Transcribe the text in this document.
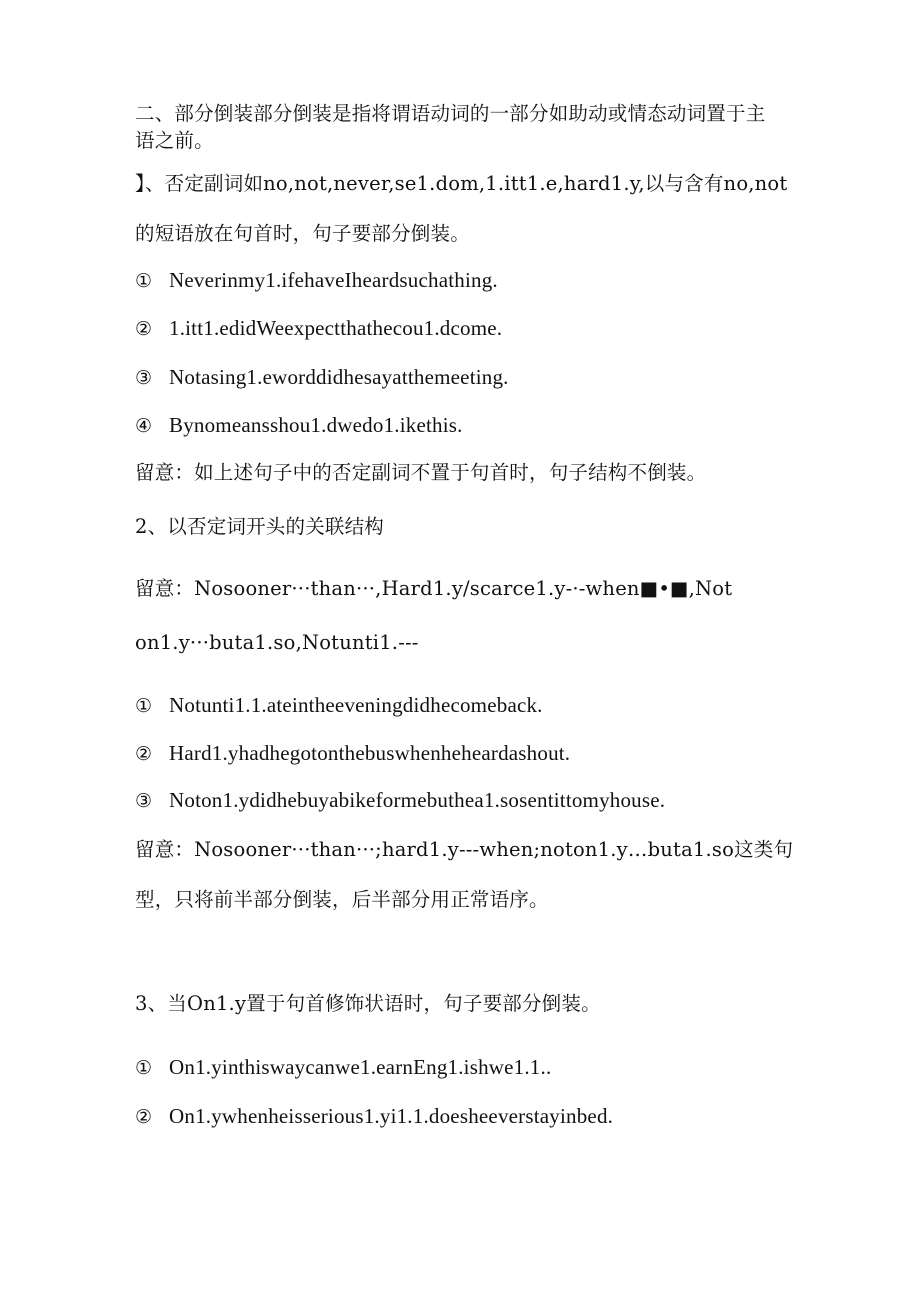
二、部分倒装部分倒装是指将谓语动词的一部分如助动或情态动词置于主
语之前。
】、否定副词如no,not,never,se1.dom,1.itt1.e,hard1.y,以与含有no,not
的短语放在句首时，句子要部分倒装。
① Neverinmy1.ifehaveIheardsuchathing.
② 1.itt1.edidWeexpectthathecou1.dcome.
③ Notasing1.eworddidhesayatthemeeting.
④ Bynomeansshou1.dwedo1.ikethis.
留意：如上述句子中的否定副词不置于句首时，句子结构不倒装。
2、以否定词开头的关联结构
留意：Nosooner···than···,Hard1.y/scarce1.y-·-when■•■,Not
on1.y···buta1.so,Notunti1.---
① Notunti1.1.ateintheeveningdidhecomeback.
② Hard1.yhadhegotonthebuswhenheheardashout.
③ Noton1.ydidhebuyabikeformebuthea1.sosentittomyhouse.
留意：Nosooner···than···;hard1.y---when;noton1.y…buta1.so这类句
型，只将前半部分倒装，后半部分用正常语序。
3、当On1.y置于句首修饰状语时，句子要部分倒装。
① On1.yinthiswaycanwe1.earnEng1.ishwe1.1..
② On1.ywhenheisserious1.yi1.1.doesheeverstayinbed.
